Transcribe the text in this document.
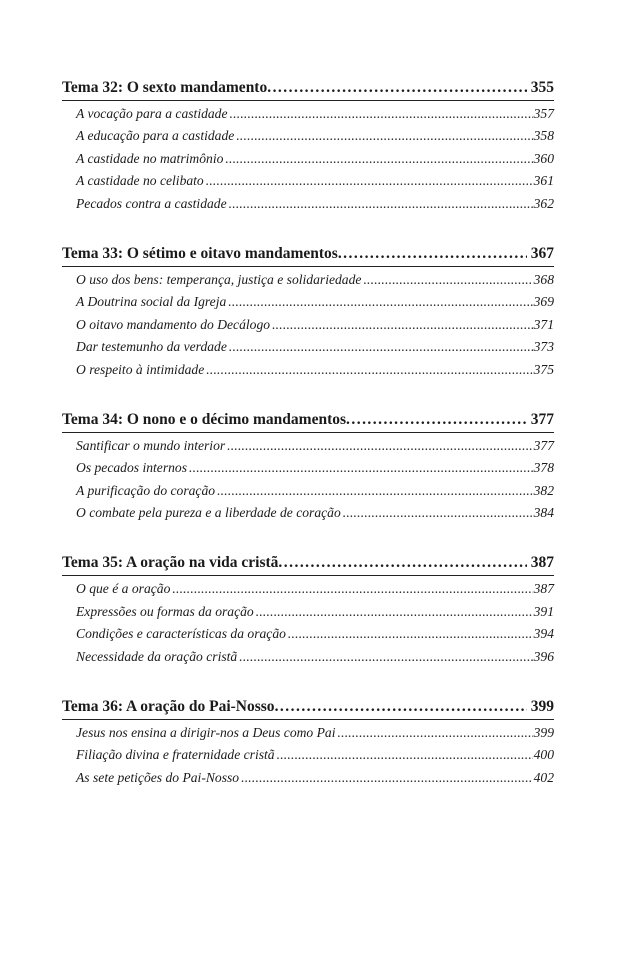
Tema 32: O sexto mandamento . . .	355
A vocação para a castidade . . .	357
A educação para a castidade . . .	358
A castidade no matrimônio . . .	360
A castidade no celibato . . .	361
Pecados contra a castidade . . .	362
Tema 33: O sétimo e oitavo mandamentos . . .	367
O uso dos bens: temperança, justiça e solidariedade . . .	368
A Doutrina social da Igreja . . .	369
O oitavo mandamento do Decálogo . . .	371
Dar testemunho da verdade . . .	373
O respeito à intimidade . . .	375
Tema 34: O nono e o décimo mandamentos . . .	377
Santificar o mundo interior . . .	377
Os pecados internos . . .	378
A purificação do coração . . .	382
O combate pela pureza e a liberdade de coração . . .	384
Tema 35: A oração na vida cristã . . .	387
O que é a oração . . .	387
Expressões ou formas da oração . . .	391
Condições e características da oração . . .	394
Necessidade da oração cristã . . .	396
Tema 36: A oração do Pai-Nosso . . .	399
Jesus nos ensina a dirigir-nos a Deus como Pai . . .	399
Filiação divina e fraternidade cristã . . .	400
As sete petições do Pai-Nosso . . .	402
